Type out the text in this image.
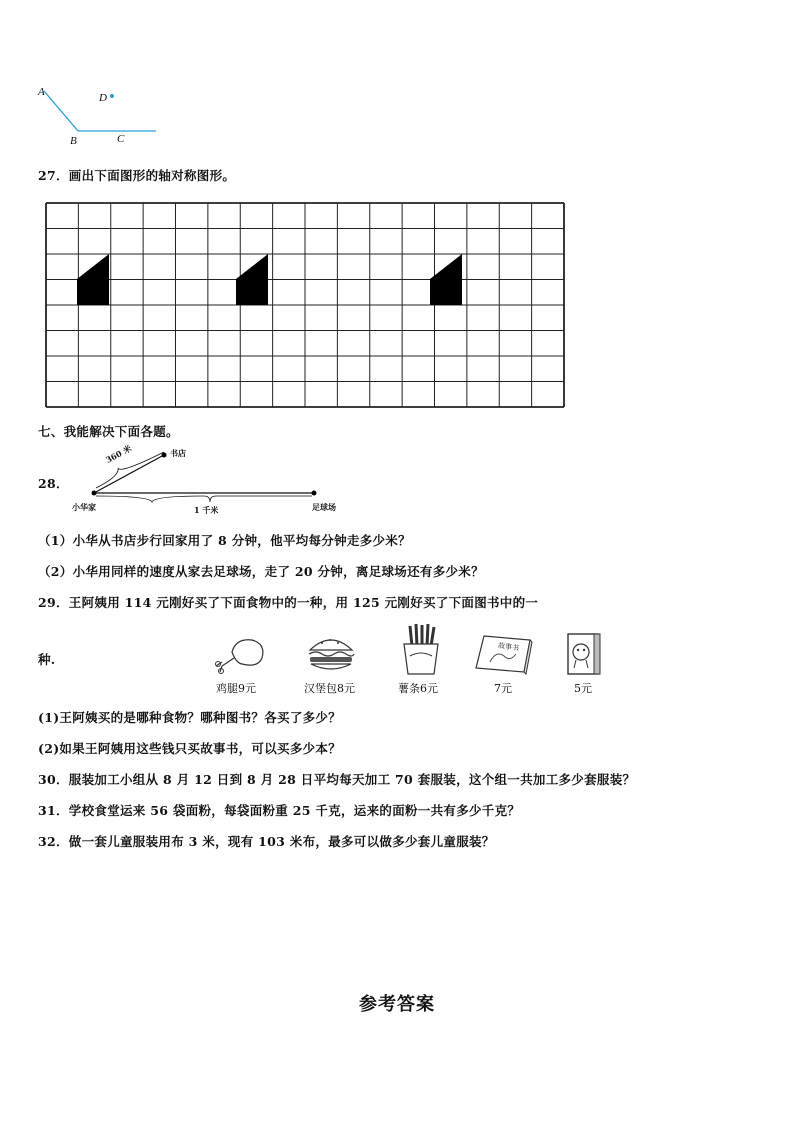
A	D
B	C
27．画出下面图形的轴对称图形。
七、我能解决下面各题。
28．
360 米	书店
小华家	1 千米	足球场
（1）小华从书店步行回家用了 8 分钟，他平均每分钟走多少米？
（2）小华用同样的速度从家去足球场，走了 20 分钟，离足球场还有多少米？
29．王阿姨用 114 元刚好买了下面食物中的一种，用 125 元刚好买了下面图书中的一
种.
故事书
鸡腿9元	汉堡包8元	薯条6元	7元	5元
(1)王阿姨买的是哪种食物？哪种图书？各买了多少？
(2)如果王阿姨用这些钱只买故事书，可以买多少本？
30．服装加工小组从 8 月 12 日到 8 月 28 日平均每天加工 70 套服装，这个组一共加工多少套服装？
31．学校食堂运来 56 袋面粉，每袋面粉重 25 千克，运来的面粉一共有多少千克？
32．做一套儿童服装用布 3 米，现有 103 米布，最多可以做多少套儿童服装？
参考答案
